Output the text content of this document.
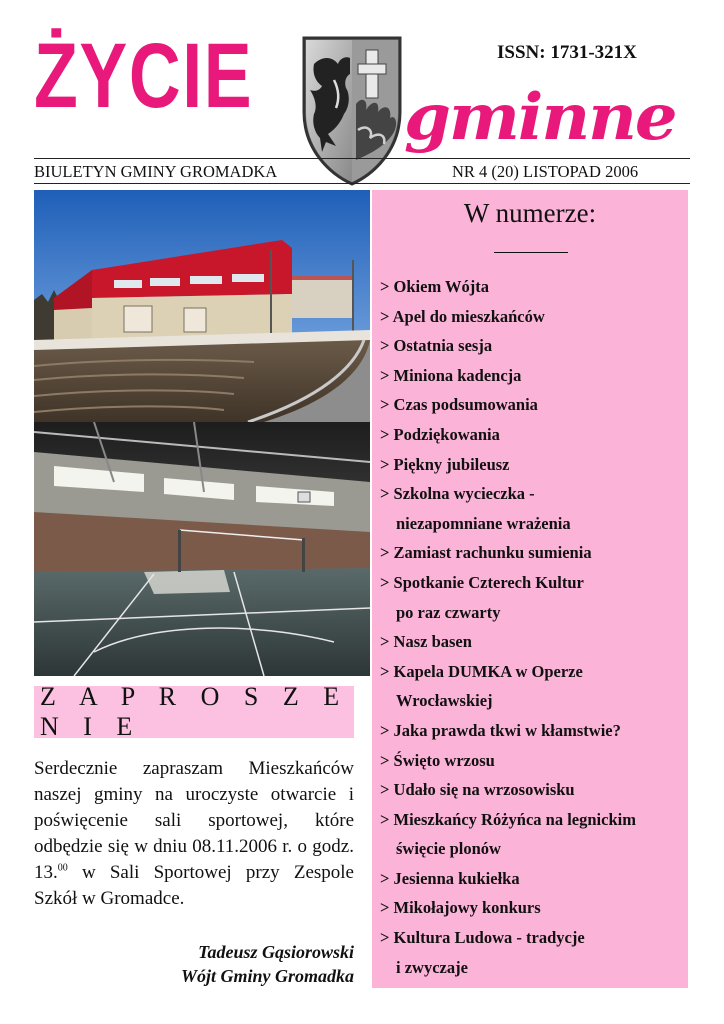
ŻYCIE gminne
ISSN: 1731-321X
BIULETYN GMINY GROMADKA	NR 4 (20) LISTOPAD 2006
Z A P R O S Z E N I E
Serdecznie zapraszam Mieszkańców naszej gminy na uroczyste otwarcie i poświęcenie sali sportowej, które odbędzie się w dniu 08.11.2006 r. o godz. 13.00 w Sali Sportowej przy Zespole Szkół w Gromadce.
Tadeusz Gąsiorowski
Wójt Gminy Gromadka
W numerze:
> Okiem Wójta
> Apel do mieszkańców
> Ostatnia sesja
> Miniona kadencja
> Czas podsumowania
> Podziękowania
> Piękny jubileusz
> Szkolna wycieczka -
niezapomniane wrażenia
> Zamiast rachunku sumienia
> Spotkanie Czterech Kultur
po raz czwarty
> Nasz basen
> Kapela DUMKA w Operze
Wrocławskiej
> Jaka prawda tkwi w kłamstwie?
> Święto wrzosu
> Udało się na wrzosowisku
> Mieszkańcy Różyńca na legnickim
święcie plonów
> Jesienna kukiełka
> Mikołajowy konkurs
> Kultura Ludowa - tradycje
i zwyczaje
